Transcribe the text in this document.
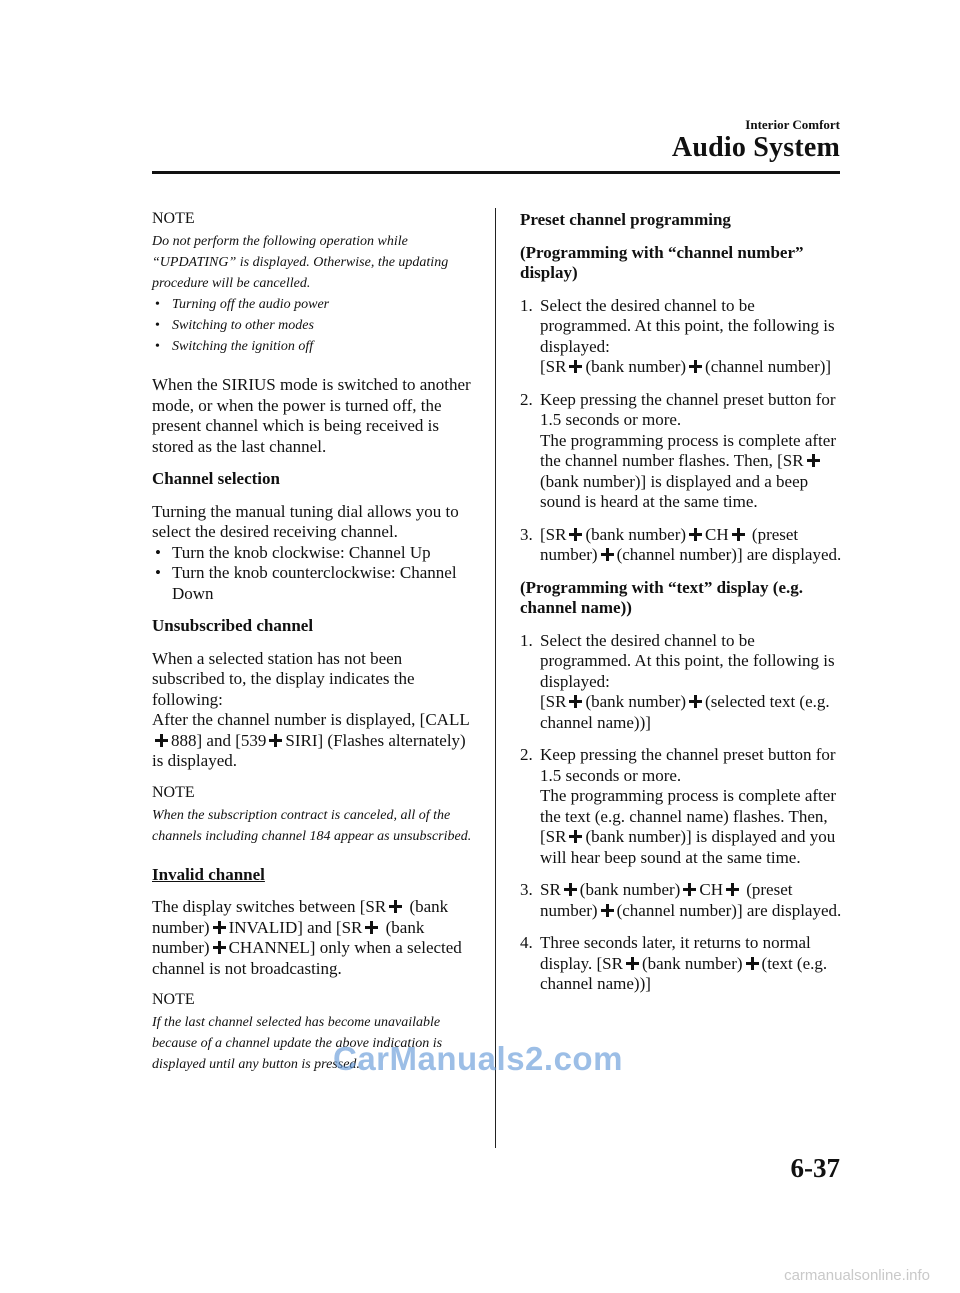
Interior Comfort
Audio System
NOTE

Do not perform the following operation while “UPDATING” is displayed. Otherwise, the updating procedure will be cancelled.

• Turning off the audio power
• Switching to other modes
• Switching the ignition off

When the SIRIUS mode is switched to another mode, or when the power is turned off, the present channel which is being received is stored as the last channel.

Channel selection

Turning the manual tuning dial allows you to select the desired receiving channel.

• Turn the knob clockwise: Channel Up
• Turn the knob counterclockwise: Channel Down

Unsubscribed channel

When a selected station has not been subscribed to, the display indicates the following:

After the channel number is displayed, [CALL888] and [539 SIRI] (Flashes alternately) is displayed.

NOTE

When the subscription contract is canceled, all of the channels including channel 184 appear as unsubscribed.

Invalid channel

The display switches between [SR (bank number) INVALID] and [SR (bank number) CHANNEL] only when a selected channel is not broadcasting.

NOTE

If the last channel selected has become unavailable because of a channel update the above indication is displayed until any button is pressed.

Preset channel programming

(Programming with “channel number” display)

1. Select the desired channel to be programmed. At this point, the following is displayed:
[SR (bank number) (channel number)]
2. Keep pressing the channel preset button for 1.5 seconds or more.
The programming process is complete after the channel number flashes. Then, [SR(bank number)] is displayed and a beep sound is heard at the same time.
3. [SR (bank number) CH (preset number) (channel number)] are displayed.

(Programming with “text” display (e.g. channel name))

1. Select the desired channel to be programmed. At this point, the following is displayed:
[SR (bank number) (selected text (e.g. channel name))]
2. Keep pressing the channel preset button for 1.5 seconds or more.
The programming process is complete after the text (e.g. channel name) flashes. Then, [SR (bank number)] is displayed and you will hear beep sound at the same time.
3. SR (bank number) CH (preset number) (channel number)] are displayed.
4. Three seconds later, it returns to normal display. [SR (bank number) (text (e.g. channel name))]
6-37
CarManuals2.com
carmanualsonline.info
